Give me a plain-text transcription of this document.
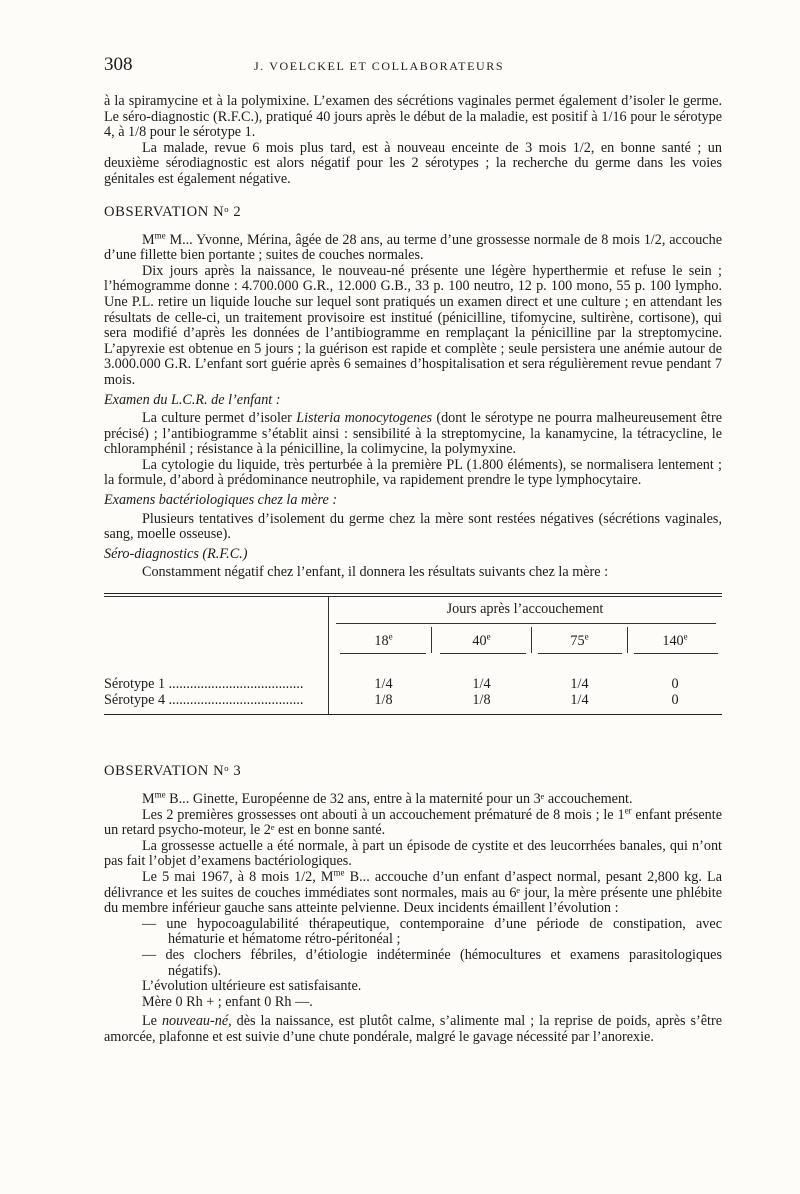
308	J. VOELCKEL ET COLLABORATEURS

à la spiramycine et à la polymixine. L’examen des sécrétions vaginales permet également d’isoler le germe. Le séro-diagnostic (R.F.C.), pratiqué 40 jours après le début de la maladie, est positif à 1/16 pour le sérotype 4, à 1/8 pour le sérotype 1.

La malade, revue 6 mois plus tard, est à nouveau enceinte de 3 mois 1/2, en bonne santé ; un deuxième sérodiagnostic est alors négatif pour les 2 sérotypes ; la recherche du germe dans les voies génitales est également négative.

OBSERVATION Nᵒ 2

$M^{me}$ M... Yvonne, Mérina, âgée de 28 ans, au terme d’une grossesse normale de 8 mois 1/2, accouche d’une fillette bien portante ; suites de couches normales.

Dix jours après la naissance, le nouveau-né présente une légère hyperthermie et refuse le sein ; l’hémogramme donne : 4.700.000 G.R., 12.000 G.B., 33 p. 100 neutro, 12 p. 100 mono, 55 p. 100 lympho. Une P.L. retire un liquide louche sur lequel sont pratiqués un examen direct et une culture ; en attendant les résultats de celle-ci, un traitement provisoire est institué (pénicilline, tifomycine, sultirène, cortisone), qui sera modifié d’après les données de l’antibiogramme en remplaçant la pénicilline par la streptomycine. L’apyrexie est obtenue en 5 jours ; la guérison est rapide et complète ; seule persistera une anémie autour de 3.000.000 G.R. L’enfant sort guérie après 6 semaines d’hospitalisation et sera régulièrement revue pendant 7 mois.

Examen du L.C.R. de l’enfant :

La culture permet d’isoler Listeria monocytogenes (dont le sérotype ne pourra malheureusement être précisé) ; l’antibiogramme s’établit ainsi : sensibilité à la streptomycine, la kanamycine, la tétracycline, le chloramphénil ; résistance à la pénicilline, la colimycine, la polymyxine.

La cytologie du liquide, très perturbée à la première PL (1.800 éléments), se normalisera lentement ; la formule, d’abord à prédominance neutrophile, va rapidement prendre le type lymphocytaire.

Examens bactériologiques chez la mère :

Plusieurs tentatives d’isolement du germe chez la mère sont restées négatives (sécrétions vaginales, sang, moelle osseuse).

Séro-diagnostics (R.F.C.)

Constamment négatif chez l’enfant, il donnera les résultats suivants chez la mère :

Jours après l’accouchement
18e	40e	75e	140e
Sérotype 1 ......................................	1/4	1/4	1/4	0
Sérotype 4 ......................................	1/8	1/8	1/4	0
OBSERVATION Nᵒ 3

$M^{me}$ B... Ginette, Européenne de 32 ans, entre à la maternité pour un 3ᵉ accouchement.

Les 2 premières grossesses ont abouti à un accouchement prématuré de 8 mois ; le 1er enfant présente un retard psycho-moteur, le 2ᵉ est en bonne santé.

La grossesse actuelle a été normale, à part un épisode de cystite et des leucorrhées banales, qui n’ont pas fait l’objet d’examens bactériologiques.

Le 5 mai 1967, à 8 mois 1/2, $M^{me}$ B... accouche d’un enfant d’aspect normal, pesant 2,800 kg. La délivrance et les suites de couches immédiates sont normales, mais au 6ᵉ jour, la mère présente une phlébite du membre inférieur gauche sans atteinte pelvienne. Deux incidents émaillent l’évolution :

— une hypocoagulabilité thérapeutique, contemporaine d’une période de constipation, avec hématurie et hématome rétro-péritonéal ;

— des clochers fébriles, d’étiologie indéterminée (hémocultures et examens parasitologiques négatifs).

L’évolution ultérieure est satisfaisante.

Mère 0 Rh + ; enfant 0 Rh —.

Le nouveau-né, dès la naissance, est plutôt calme, s’alimente mal ; la reprise de poids, après s’être amorcée, plafonne et est suivie d’une chute pondérale, malgré le gavage nécessité par l’anorexie.
